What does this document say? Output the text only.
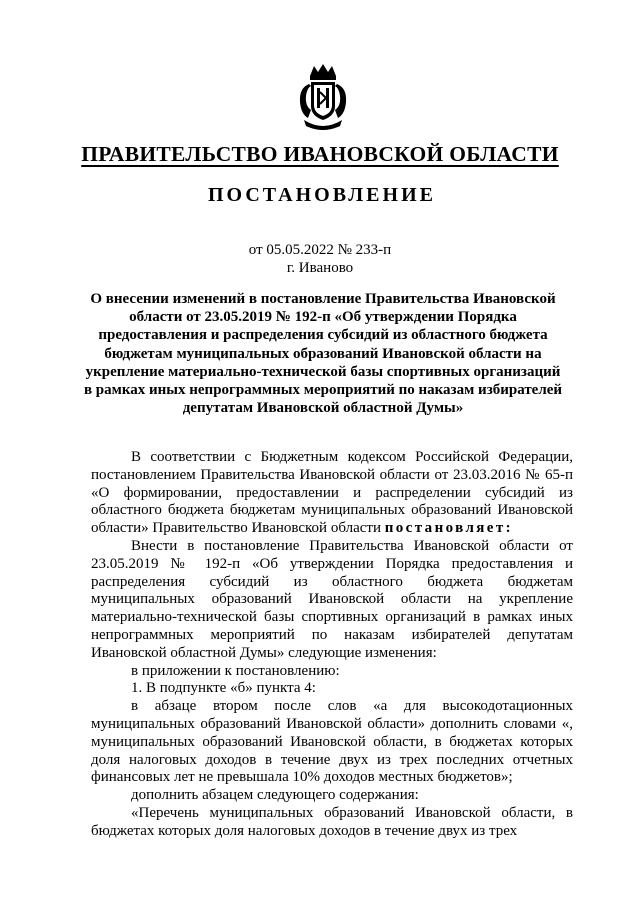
ПРАВИТЕЛЬСТВО ИВАНОВСКОЙ ОБЛАСТИ
ПОСТАНОВЛЕНИЕ
от 05.05.2022 № 233-п
г. Иваново
О внесении изменений в постановление Правительства Ивановской области от 23.05.2019 № 192-п «Об утверждении Порядка предоставления и распределения субсидий из областного бюджета бюджетам муниципальных образований Ивановской области на укрепление материально-технической базы спортивных организаций в рамках иных непрограммных мероприятий по наказам избирателей депутатам Ивановской областной Думы»

В соответствии с Бюджетным кодексом Российской Федерации, постановлением Правительства Ивановской области от 23.03.2016 № 65-п «О формировании, предоставлении и распределении субсидий из областного бюджета бюджетам муниципальных образований Ивановской области» Правительство Ивановской области постановляет:

Внести в постановление Правительства Ивановской области от 23.05.2019 № 192-п «Об утверждении Порядка предоставления и распределения субсидий из областного бюджета бюджетам муниципальных образований Ивановской области на укрепление материально-технической базы спортивных организаций в рамках иных непрограммных мероприятий по наказам избирателей депутатам Ивановской областной Думы» следующие изменения:

в приложении к постановлению:

1. В подпункте «б» пункта 4:

в абзаце втором после слов «а для высокодотационных муниципальных образований Ивановской области» дополнить словами «, муниципальных образований Ивановской области, в бюджетах которых доля налоговых доходов в течение двух из трех последних отчетных финансовых лет не превышала 10% доходов местных бюджетов»;

дополнить абзацем следующего содержания:

«Перечень муниципальных образований Ивановской области, в бюджетах которых доля налоговых доходов в течение двух из трех
